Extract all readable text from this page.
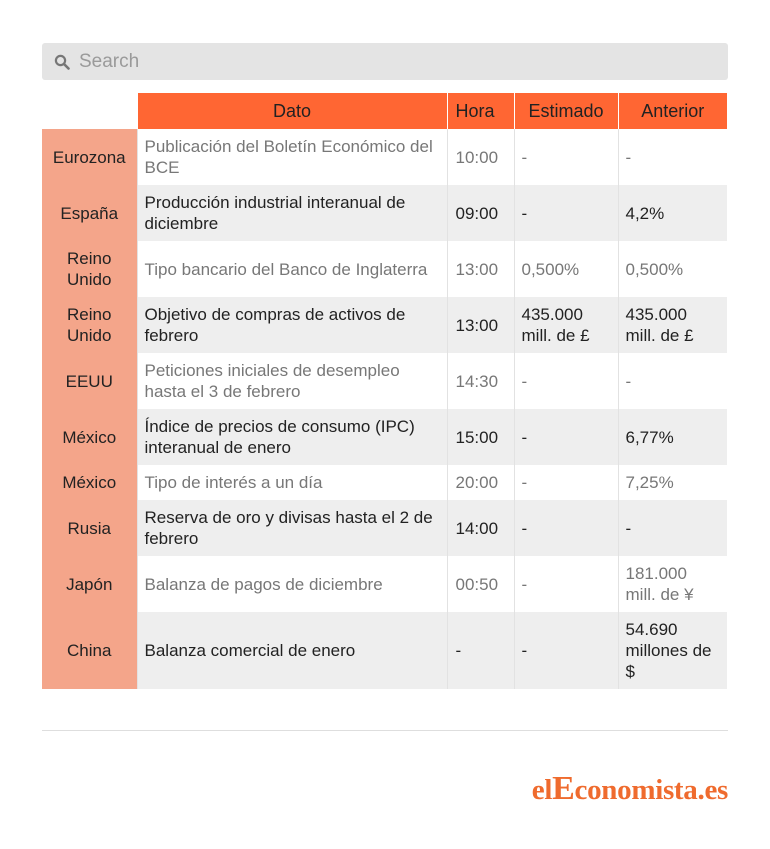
Search
	Dato	Hora	Estimado	Anterior
Eurozona	Publicación del Boletín Económico del BCE	10:00	-	-
España	Producción industrial interanual de diciembre	09:00	-	4,2%
Reino Unido	Tipo bancario del Banco de Inglaterra	13:00	0,500%	0,500%
Reino Unido	Objetivo de compras de activos de febrero	13:00	435.000 mill. de £	435.000 mill. de £
EEUU	Peticiones iniciales de desempleo hasta el 3 de febrero	14:30	-	-
México	Índice de precios de consumo (IPC) interanual de enero	15:00	-	6,77%
México	Tipo de interés a un día	20:00	-	7,25%
Rusia	Reserva de oro y divisas hasta el 2 de febrero	14:00	-	-
Japón	Balanza de pagos de diciembre	00:50	-	181.000 mill. de ¥
China	Balanza comercial de enero	-	-	54.690 millones de $
elEconomista.es
